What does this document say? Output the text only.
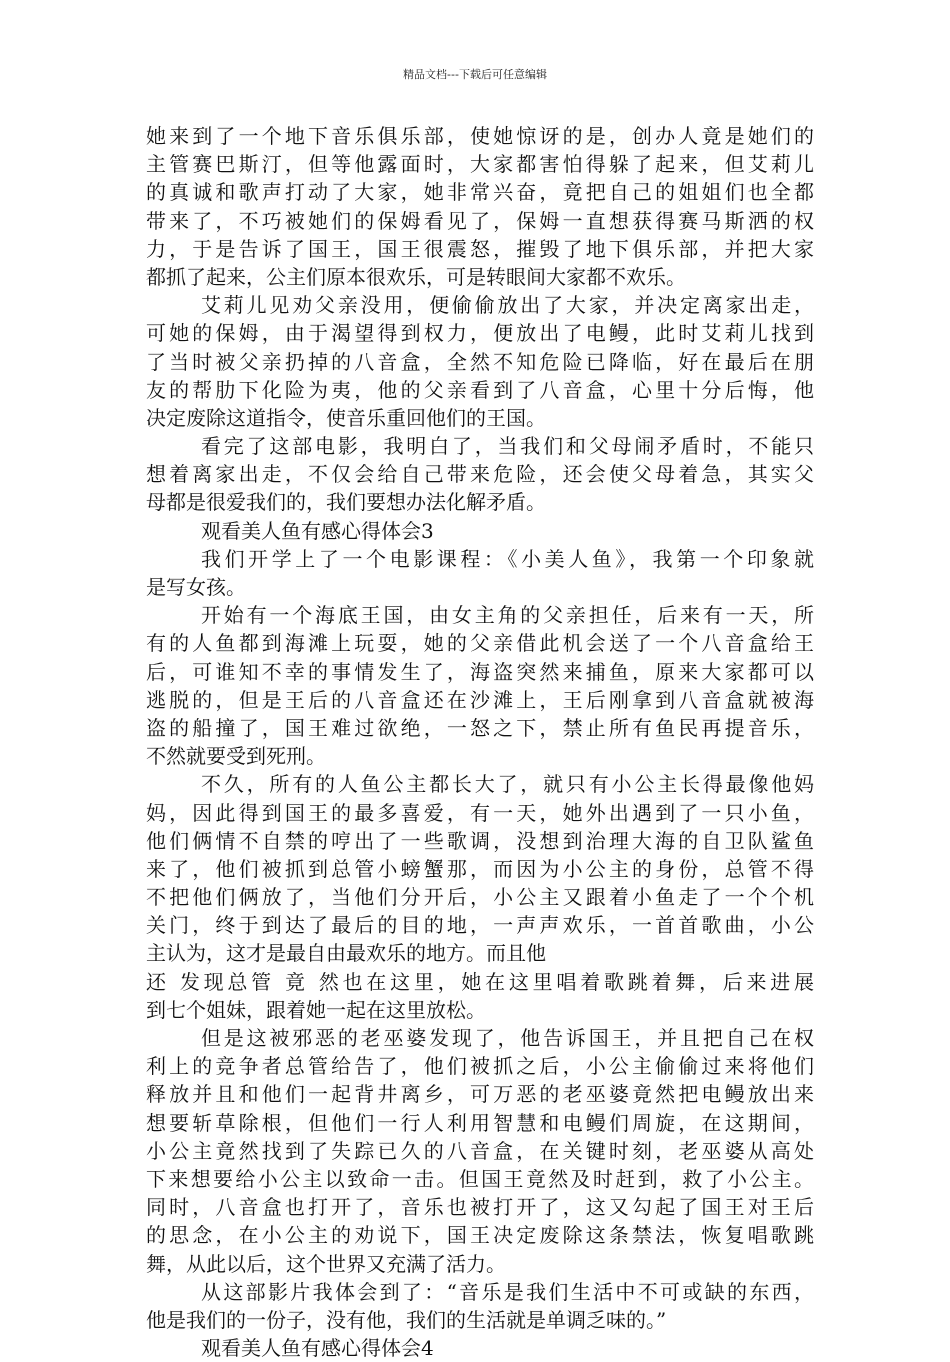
精品文档---下载后可任意编辑
她来到了一个地下音乐俱乐部，使她惊讶的是，创办人竟是她们的
主管赛巴斯汀，但等他露面时，大家都害怕得躲了起来，但艾莉儿
的真诚和歌声打动了大家，她非常兴奋，竟把自己的姐姐们也全都
带来了，不巧被她们的保姆看见了，保姆一直想获得赛马斯洒的权
力，于是告诉了国王，国王很震怒，摧毁了地下俱乐部，并把大家
都抓了起来，公主们原本很欢乐，可是转眼间大家都不欢乐。
艾莉儿见劝父亲没用，便偷偷放出了大家，并决定离家出走，
可她的保姆，由于渴望得到权力，便放出了电鳗，此时艾莉儿找到
了当时被父亲扔掉的八音盒，全然不知危险已降临，好在最后在朋
友的帮肋下化险为夷，他的父亲看到了八音盒，心里十分后悔，他
决定废除这道指令，使音乐重回他们的王国。
看完了这部电影，我明白了，当我们和父母闹矛盾时，不能只
想着离家出走，不仅会给自己带来危险，还会使父母着急，其实父
母都是很爱我们的，我们要想办法化解矛盾。
观看美人鱼有感心得体会3
我们开学上了一个电影课程：《小美人鱼》，我第一个印象就
是写女孩。
开始有一个海底王国，由女主角的父亲担任，后来有一天，所
有的人鱼都到海滩上玩耍，她的父亲借此机会送了一个八音盒给王
后，可谁知不幸的事情发生了，海盗突然来捕鱼，原来大家都可以
逃脱的，但是王后的八音盒还在沙滩上，王后刚拿到八音盒就被海
盗的船撞了，国王难过欲绝，一怒之下，禁止所有鱼民再提音乐，
不然就要受到死刑。
不久，所有的人鱼公主都长大了，就只有小公主长得最像他妈
妈，因此得到国王的最多喜爱，有一天，她外出遇到了一只小鱼，
他们俩情不自禁的哼出了一些歌调，没想到治理大海的自卫队鲨鱼
来了，他们被抓到总管小螃蟹那，而因为小公主的身份，总管不得
不把他们俩放了，当他们分开后，小公主又跟着小鱼走了一个个机
关门，终于到达了最后的目的地，一声声欢乐，一首首歌曲，小公
主认为，这才是最自由最欢乐的地方。而且他
还 发现总管 竟 然也在这里，她在这里唱着歌跳着舞，后来进展
到七个姐妹，跟着她一起在这里放松。
但是这被邪恶的老巫婆发现了，他告诉国王，并且把自己在权
利上的竞争者总管给告了，他们被抓之后，小公主偷偷过来将他们
释放并且和他们一起背井离乡，可万恶的老巫婆竟然把电鳗放出来
想要斩草除根，但他们一行人利用智慧和电鳗们周旋，在这期间，
小公主竟然找到了失踪已久的八音盒，在关键时刻，老巫婆从高处
下来想要给小公主以致命一击。但国王竟然及时赶到，救了小公主。
同时，八音盒也打开了，音乐也被打开了，这又勾起了国王对王后
的思念，在小公主的劝说下，国王决定废除这条禁法，恢复唱歌跳
舞，从此以后，这个世界又充满了活力。
从这部影片我体会到了：“音乐是我们生活中不可或缺的东西，
他是我们的一份子，没有他，我们的生活就是单调乏味的。”
观看美人鱼有感心得体会4
